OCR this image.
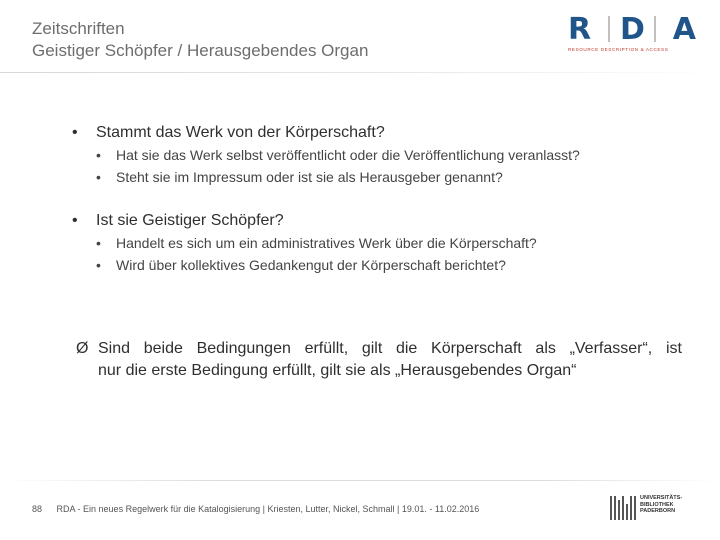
Zeitschriften
Geistiger Schöpfer / Herausgebendes Organ
R D A
RESOURCE DESCRIPTION & ACCESS
• Stammt das Werk von der Körperschaft?
• Hat sie das Werk selbst veröffentlicht oder die Veröffentlichung veranlasst?
• Steht sie im Impressum oder ist sie als Herausgeber genannt?
• Ist sie Geistiger Schöpfer?
• Handelt es sich um ein administratives Werk über die Körperschaft?
• Wird über kollektives Gedankengut der Körperschaft berichtet?
Ø Sind beide Bedingungen erfüllt, gilt die Körperschaft als „Verfasser“, ist
nur die erste Bedingung erfüllt, gilt sie als „Herausgebendes Organ“
88 RDA - Ein neues Regelwerk für die Katalogisierung | Kriesten, Lutter, Nickel, Schmall | 19.01. - 11.02.2016
UNIVERSITÄTS-
BIBLIOTHEK
PADERBORN
